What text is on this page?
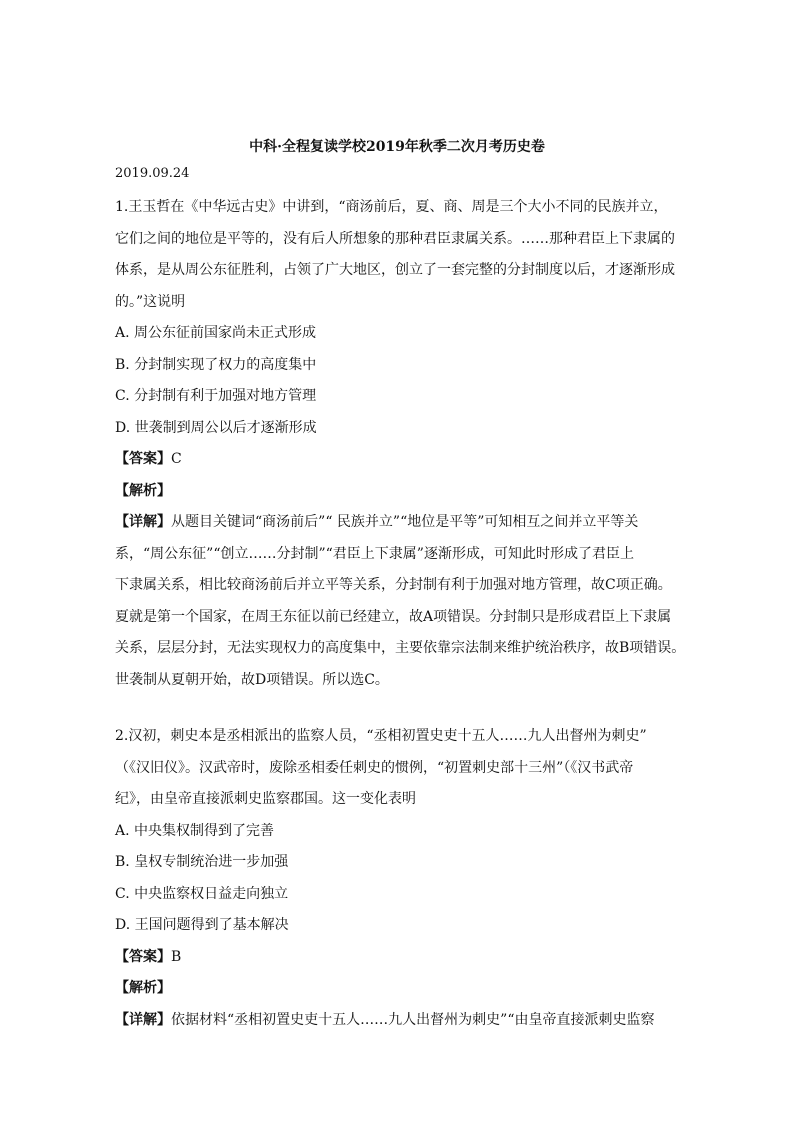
中科·全程复读学校2019年秋季二次月考历史卷
2019.09.24
1.王玉哲在《中华远古史》中讲到，“商汤前后，夏、商、周是三个大小不同的民族并立，
它们之间的地位是平等的，没有后人所想象的那种君臣隶属关系。……那种君臣上下隶属的
体系，是从周公东征胜利，占领了广大地区，创立了一套完整的分封制度以后，才逐渐形成
的。”这说明
A. 周公东征前国家尚未正式形成
B. 分封制实现了权力的高度集中
C. 分封制有利于加强对地方管理
D. 世袭制到周公以后才逐渐形成
【答案】C
【解析】
【详解】从题目关键词“商汤前后”“ 民族并立”“地位是平等”可知相互之间并立平等关
系，“周公东征”“创立……分封制”“君臣上下隶属”逐渐形成，可知此时形成了君臣上
下隶属关系，相比较商汤前后并立平等关系，分封制有利于加强对地方管理，故C项正确。
夏就是第一个国家，在周王东征以前已经建立，故A项错误。分封制只是形成君臣上下隶属
关系，层层分封，无法实现权力的高度集中，主要依靠宗法制来维护统治秩序，故B项错误。
世袭制从夏朝开始，故D项错误。所以选C。
2.汉初，刺史本是丞相派出的监察人员，“丞相初置史吏十五人……九人出督州为刺史”
（《汉旧仪》。汉武帝时，废除丞相委任刺史的惯例，“初置刺史部十三州”（《汉书武帝
纪》，由皇帝直接派刺史监察郡国。这一变化表明
A. 中央集权制得到了完善
B. 皇权专制统治进一步加强
C. 中央监察权日益走向独立
D. 王国问题得到了基本解决
【答案】B
【解析】
【详解】依据材料“丞相初置史吏十五人……九人出督州为刺史”“由皇帝直接派刺史监察
